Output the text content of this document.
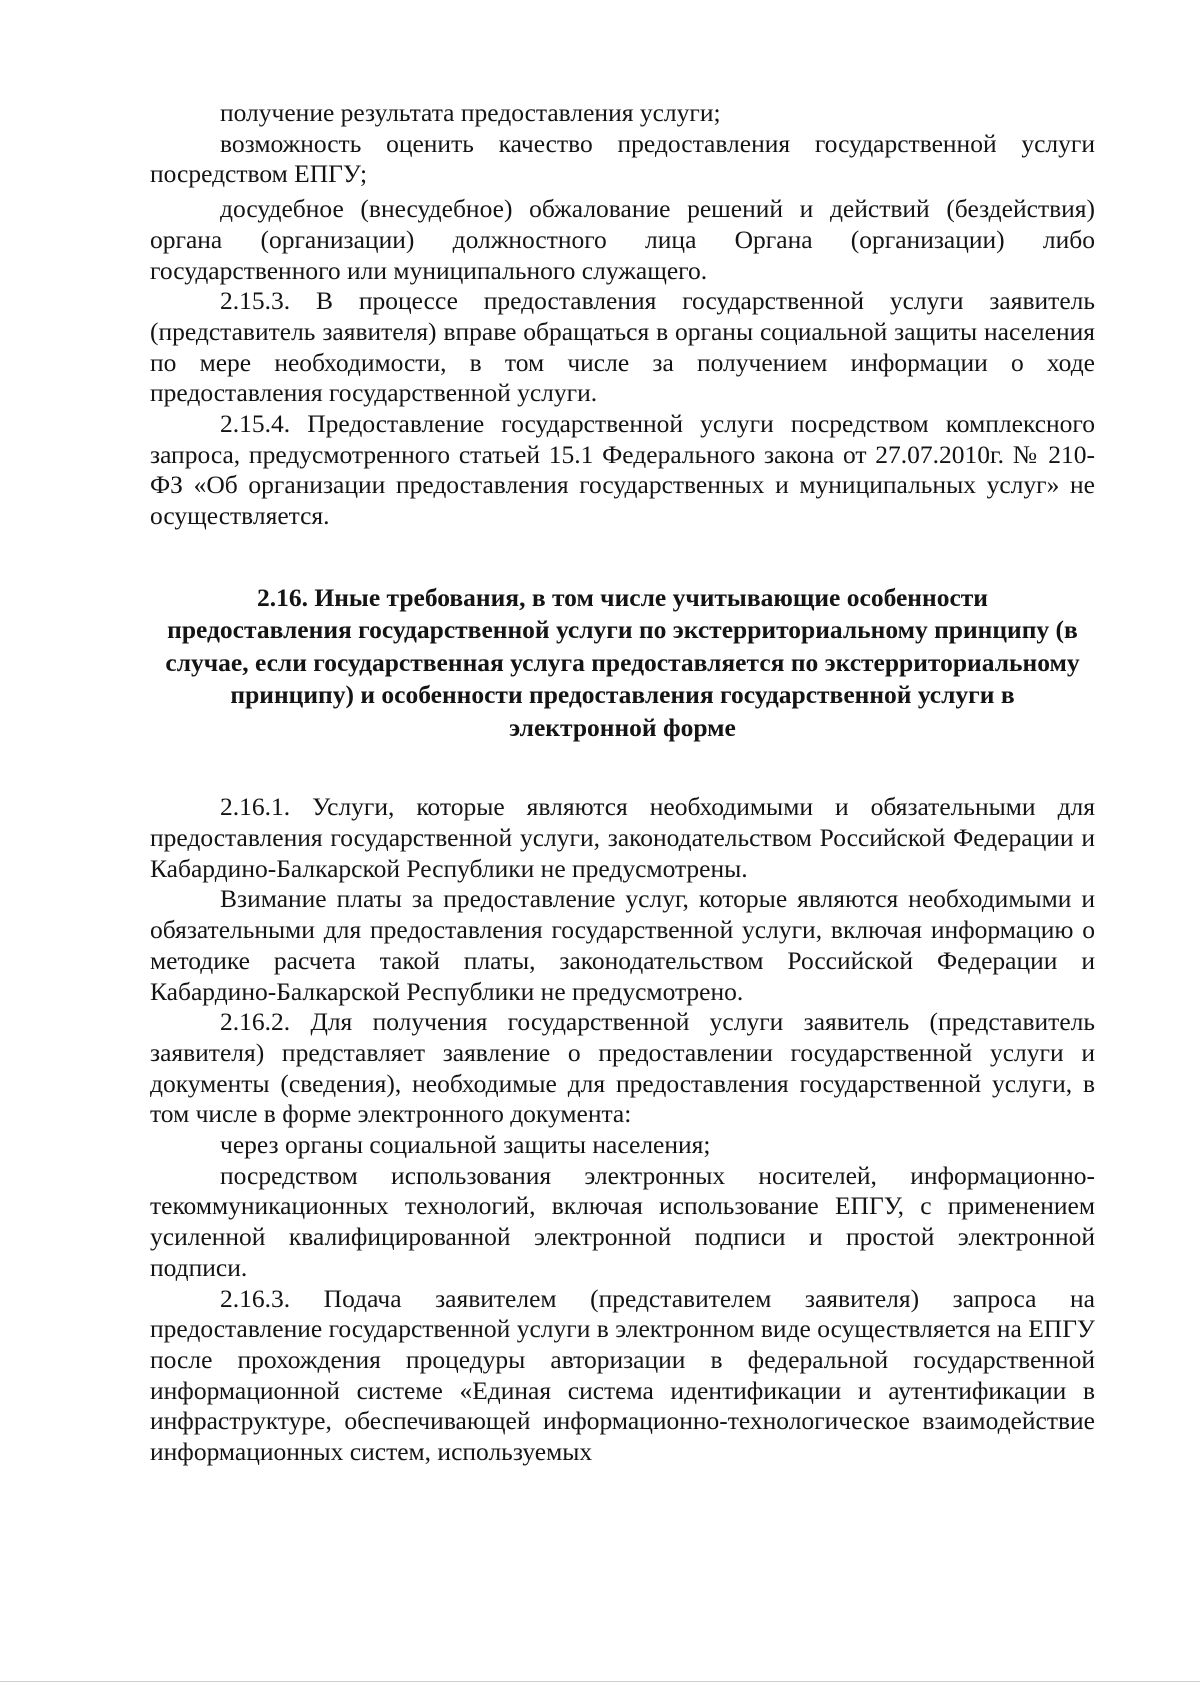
получение результата предоставления услуги;

возможность оценить качество предоставления государственной услуги посредством ЕПГУ;

досудебное (внесудебное) обжалование решений и действий (бездействия) органа (организации) должностного лица Органа (организации) либо государственного или муниципального служащего.

2.15.3. В процессе предоставления государственной услуги заявитель (представитель заявителя) вправе обращаться в органы социальной защиты населения по мере необходимости, в том числе за получением информации о ходе предоставления государственной услуги.

2.15.4. Предоставление государственной услуги посредством комплексного запроса, предусмотренного статьей 15.1 Федерального закона от 27.07.2010г. № 210-ФЗ «Об организации предоставления государственных и муниципальных услуг» не осуществляется.

2.16. Иные требования, в том числе учитывающие особенности предоставления государственной услуги по экстерриториальному принципу (в случае, если государственная услуга предоставляется по экстерриториальному принципу) и особенности предоставления государственной услуги в электронной форме

2.16.1. Услуги, которые являются необходимыми и обязательными для предоставления государственной услуги, законодательством Российской Федерации и Кабардино-Балкарской Республики не предусмотрены.

Взимание платы за предоставление услуг, которые являются необходимыми и обязательными для предоставления государственной услуги, включая информацию о методике расчета такой платы, законодательством Российской Федерации и Кабардино-Балкарской Республики не предусмотрено.

2.16.2. Для получения государственной услуги заявитель (представитель заявителя) представляет заявление о предоставлении государственной услуги и документы (сведения), необходимые для предоставления государственной услуги, в том числе в форме электронного документа:

через органы социальной защиты населения;

посредством использования электронных носителей, информационно-текоммуникационных технологий, включая использование ЕПГУ, с применением усиленной квалифицированной электронной подписи и простой электронной подписи.

2.16.3. Подача заявителем (представителем заявителя) запроса на предоставление государственной услуги в электронном виде осуществляется на ЕПГУ после прохождения процедуры авторизации в федеральной государственной информационной системе «Единая система идентификации и аутентификации в инфраструктуре, обеспечивающей информационно-технологическое взаимодействие информационных систем, используемых
